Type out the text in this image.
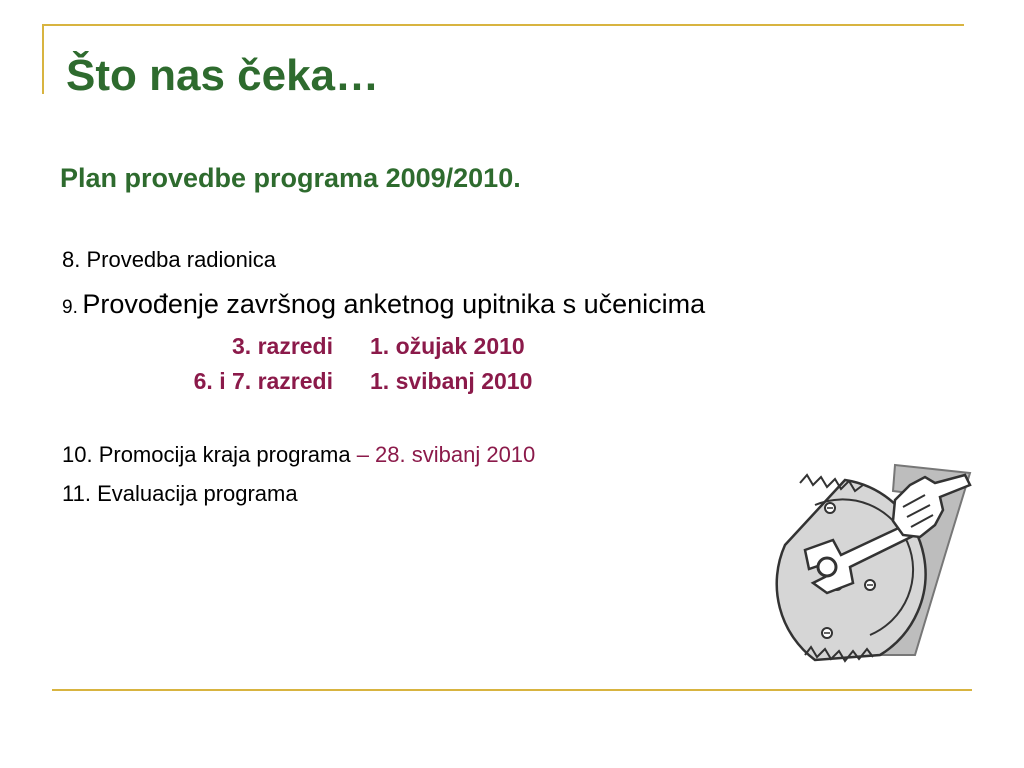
Što nas čeka…
Plan provedbe programa 2009/2010.
8. Provedba radionica
9. Provođenje završnog anketnog upitnika s učenicima
3. razredi 1. ožujak 2010
6. i 7. razredi 1. svibanj 2010
10. Promocija kraja programa – 28. svibanj 2010
11. Evaluacija programa
